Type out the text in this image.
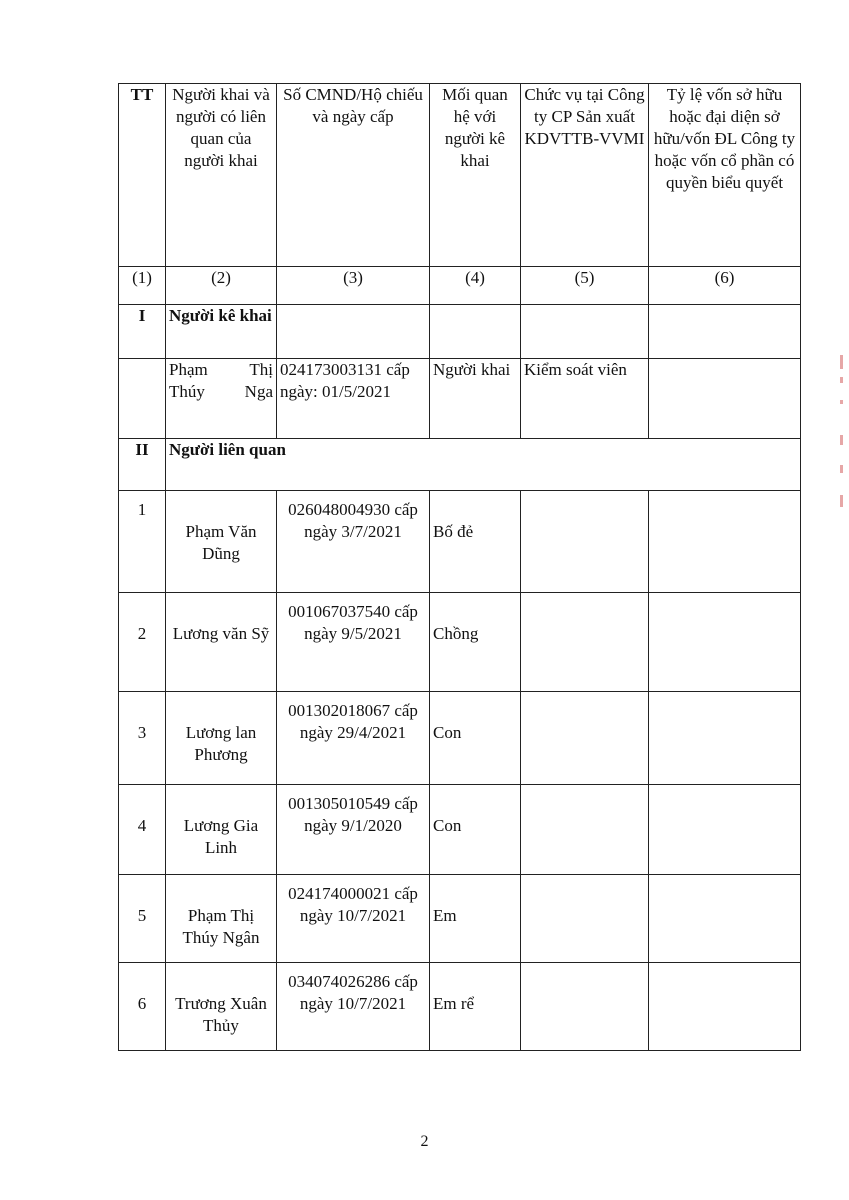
TT	Người khai và người có liên quan của người khai	Số CMND/Hộ chiếu và ngày cấp	Mối quan hệ với người kê khai	Chức vụ tại Công ty CP Sản xuất KDVTTB-VVMI	Tỷ lệ vốn sở hữu hoặc đại diện sở hữu/vốn ĐL Công ty hoặc vốn cổ phần có quyền biểu quyết
(1)	(2)	(3)	(4)	(5)	(6)
I	Người kê khai				
	Phạm Thị Thúy Nga	024173003131 cấp ngày: 01/5/2021	Người khai	Kiểm soát viên	
II	Người liên quan				
1	Phạm Văn Dũng	026048004930 cấp ngày 3/7/2021	Bố đẻ		
2	Lương văn Sỹ	001067037540 cấp ngày 9/5/2021	Chồng		
3	Lương lan Phương	001302018067 cấp ngày 29/4/2021	Con		
4	Lương Gia Linh	001305010549 cấp ngày 9/1/2020	Con		
5	Phạm Thị Thúy Ngân	024174000021 cấp ngày 10/7/2021	Em		
6	Trương Xuân Thủy	034074026286 cấp ngày 10/7/2021	Em rể		
2
